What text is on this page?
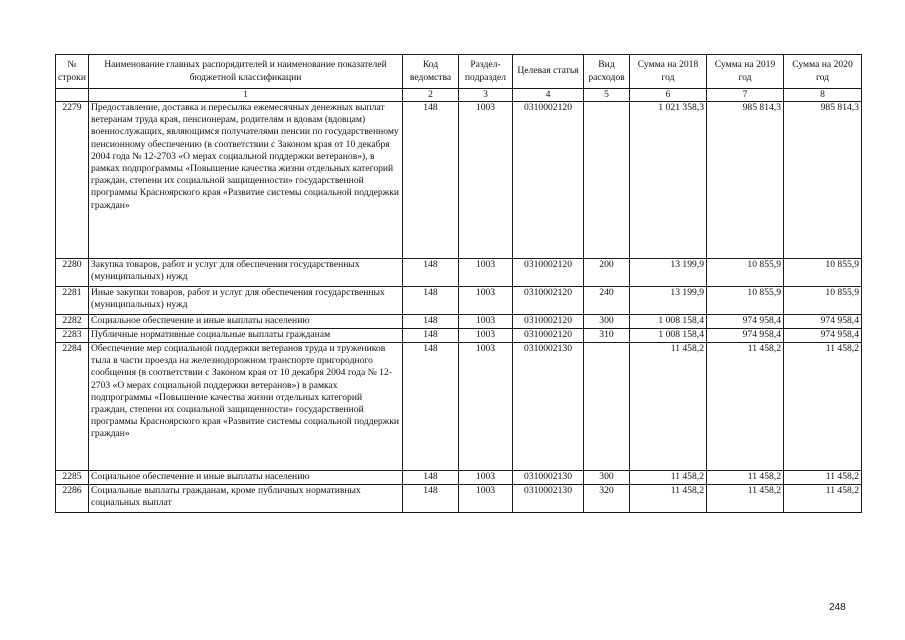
№ строки	Наименование главных распорядителей и наименование показателей бюджетной классификации	Код ведомства	Раздел-подраздел	Целевая статья	Вид расходов	Сумма на 2018 год	Сумма на 2019 год	Сумма на 2020 год
	1	2	3	4	5	6	7	8
2279	Предоставление, доставка и пересылка ежемесячных денежных выплат ветеранам труда края, пенсионерам, родителям и вдовам (вдовцам) военнослужащих, являющимся получателями пенсии по государственному пенсионному обеспечению (в соответствии с Законом края от 10 декабря 2004 года № 12-2703 «О мерах социальной поддержки ветеранов»), в рамках подпрограммы «Повышение качества жизни отдельных категорий граждан, степени их социальной защищенности» государственной программы Красноярского края «Развитие системы социальной поддержки граждан»	148	1003	0310002120		1 021 358,3	985 814,3	985 814,3
2280	Закупка товаров, работ и услуг для обеспечения государственных (муниципальных) нужд	148	1003	0310002120	200	13 199,9	10 855,9	10 855,9
2281	Иные закупки товаров, работ и услуг для обеспечения государственных (муниципальных) нужд	148	1003	0310002120	240	13 199,9	10 855,9	10 855,9
2282	Социальное обеспечение и иные выплаты населению	148	1003	0310002120	300	1 008 158,4	974 958,4	974 958,4
2283	Публичные нормативные социальные выплаты гражданам	148	1003	0310002120	310	1 008 158,4	974 958,4	974 958,4
2284	Обеспечение мер социальной поддержки ветеранов труда и тружеников тыла в части проезда на железнодорожном транспорте пригородного сообщения (в соответствии с Законом края от 10 декабря 2004 года № 12-2703 «О мерах социальной поддержки ветеранов») в рамках подпрограммы «Повышение качества жизни отдельных категорий граждан, степени их социальной защищенности» государственной программы Красноярского края «Развитие системы социальной поддержки граждан»	148	1003	0310002130		11 458,2	11 458,2	11 458,2
2285	Социальное обеспечение и иные выплаты населению	148	1003	0310002130	300	11 458,2	11 458,2	11 458,2
2286	Социальные выплаты гражданам, кроме публичных нормативных социальных выплат	148	1003	0310002130	320	11 458,2	11 458,2	11 458,2
248
